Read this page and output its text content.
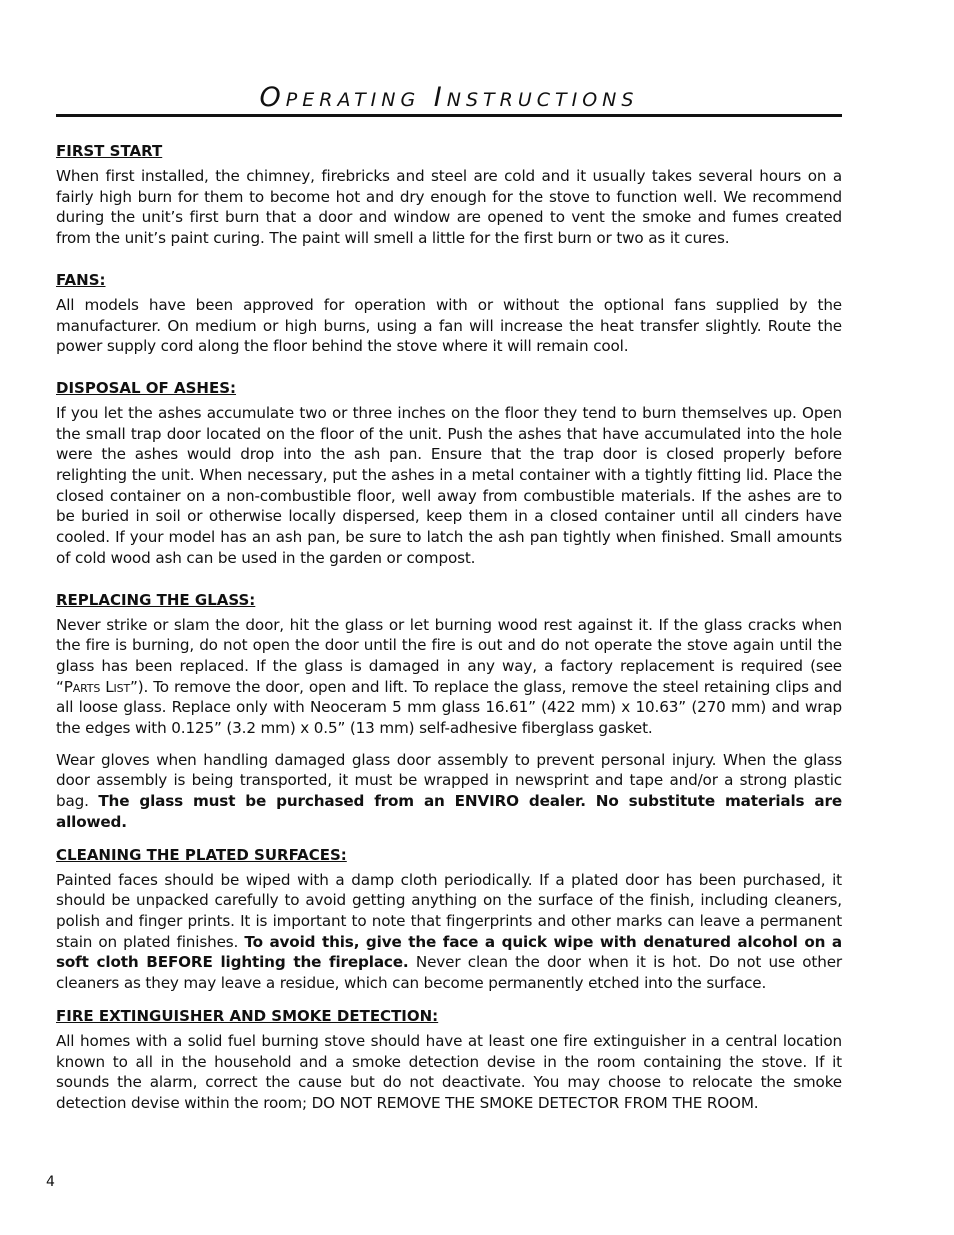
Operating Instructions
FIRST START

When first installed, the chimney, firebricks and steel are cold and it usually takes several hours on a fairly high burn for them to become hot and dry enough for the stove to function well. We recommend during the unit’s first burn that a door and window are opened to vent the smoke and fumes created from the unit’s paint curing. The paint will smell a little for the first burn or two as it cures.

FANS:

All models have been approved for operation with or without the optional fans supplied by the manufacturer. On medium or high burns, using a fan will increase the heat transfer slightly. Route the power supply cord along the floor behind the stove where it will remain cool.

DISPOSAL OF ASHES:

If you let the ashes accumulate two or three inches on the floor they tend to burn themselves up. Open the small trap door located on the floor of the unit. Push the ashes that have accumulated into the hole were the ashes would drop into the ash pan. Ensure that the trap door is closed properly before relighting the unit. When necessary, put the ashes in a metal container with a tightly fitting lid. Place the closed container on a non-combustible floor, well away from combustible materials. If the ashes are to be buried in soil or otherwise locally dispersed, keep them in a closed container until all cinders have cooled. If your model has an ash pan, be sure to latch the ash pan tightly when finished. Small amounts of cold wood ash can be used in the garden or compost.

REPLACING THE GLASS:

Never strike or slam the door, hit the glass or let burning wood rest against it. If the glass cracks when the fire is burning, do not open the door until the fire is out and do not operate the stove again until the glass has been replaced. If the glass is damaged in any way, a factory replacement is required (see “Parts List”). To remove the door, open and lift. To replace the glass, remove the steel retaining clips and all loose glass. Replace only with Neoceram 5 mm glass 16.61” (422 mm) x 10.63” (270 mm) and wrap the edges with 0.125” (3.2 mm) x 0.5” (13 mm) self-adhesive fiberglass gasket.

Wear gloves when handling damaged glass door assembly to prevent personal injury. When the glass door assembly is being transported, it must be wrapped in newsprint and tape and/or a strong plastic bag. The glass must be purchased from an ENVIRO dealer. No substitute materials are allowed.

CLEANING THE PLATED SURFACES:

Painted faces should be wiped with a damp cloth periodically. If a plated door has been purchased, it should be unpacked carefully to avoid getting anything on the surface of the finish, including cleaners, polish and finger prints. It is important to note that fingerprints and other marks can leave a permanent stain on plated finishes. To avoid this, give the face a quick wipe with denatured alcohol on a soft cloth BEFORE lighting the fireplace. Never clean the door when it is hot. Do not use other cleaners as they may leave a residue, which can become permanently etched into the surface.

FIRE EXTINGUISHER AND SMOKE DETECTION:

All homes with a solid fuel burning stove should have at least one fire extinguisher in a central location known to all in the household and a smoke detection devise in the room containing the stove. If it sounds the alarm, correct the cause but do not deactivate. You may choose to relocate the smoke detection devise within the room; DO NOT REMOVE THE SMOKE DETECTOR FROM THE ROOM.

4
